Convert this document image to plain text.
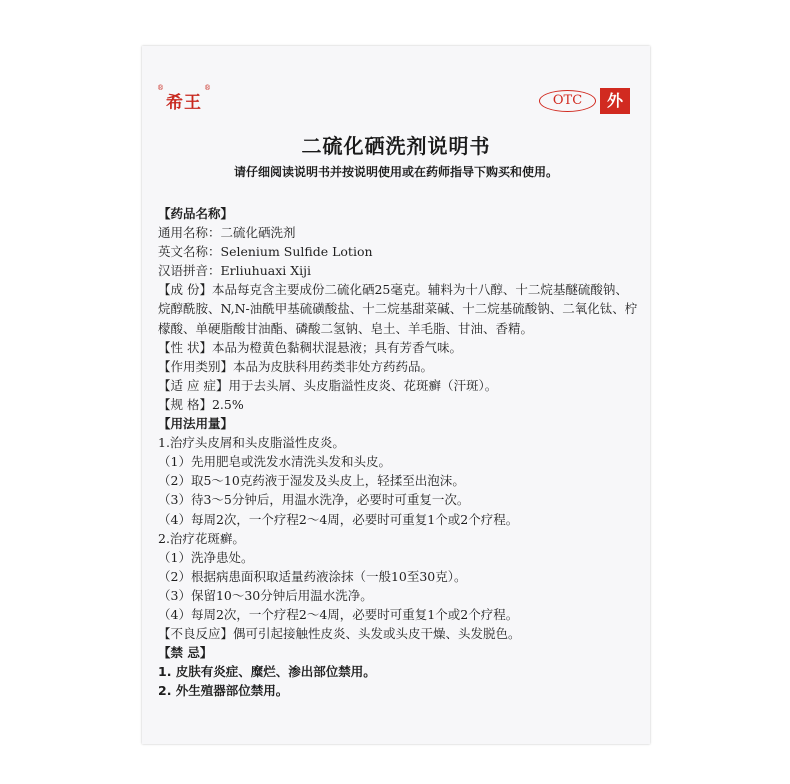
®
希王
®
OTC	外
二硫化硒洗剂说明书
请仔细阅读说明书并按说明使用或在药师指导下购买和使用。
【药品名称】
通用名称：二硫化硒洗剂
英文名称：Selenium Sulfide Lotion
汉语拼音：Erliuhuaxi Xiji
【成 份】本品每克含主要成份二硫化硒25毫克。辅料为十八醇、十二烷基醚硫酸钠、烷醇酰胺、N,N-油酰甲基硫磺酸盐、十二烷基甜菜碱、十二烷基硫酸钠、二氧化钛、柠檬酸、单硬脂酸甘油酯、磷酸二氢钠、皂土、羊毛脂、甘油、香精。
【性 状】本品为橙黄色黏稠状混悬液；具有芳香气味。
【作用类别】本品为皮肤科用药类非处方药药品。
【适 应 症】用于去头屑、头皮脂溢性皮炎、花斑癣（汗斑）。
【规 格】2.5%
【用法用量】
1.治疗头皮屑和头皮脂溢性皮炎。
（1）先用肥皂或洗发水清洗头发和头皮。
（2）取5～10克药液于湿发及头皮上，轻揉至出泡沫。
（3）待3～5分钟后，用温水洗净，必要时可重复一次。
（4）每周2次，一个疗程2～4周，必要时可重复1个或2个疗程。
2.治疗花斑癣。
（1）洗净患处。
（2）根据病患面积取适量药液涂抹（一般10至30克）。
（3）保留10～30分钟后用温水洗净。
（4）每周2次，一个疗程2～4周，必要时可重复1个或2个疗程。
【不良反应】偶可引起接触性皮炎、头发或头皮干燥、头发脱色。
【禁 忌】
1. 皮肤有炎症、糜烂、渗出部位禁用。
2. 外生殖器部位禁用。
